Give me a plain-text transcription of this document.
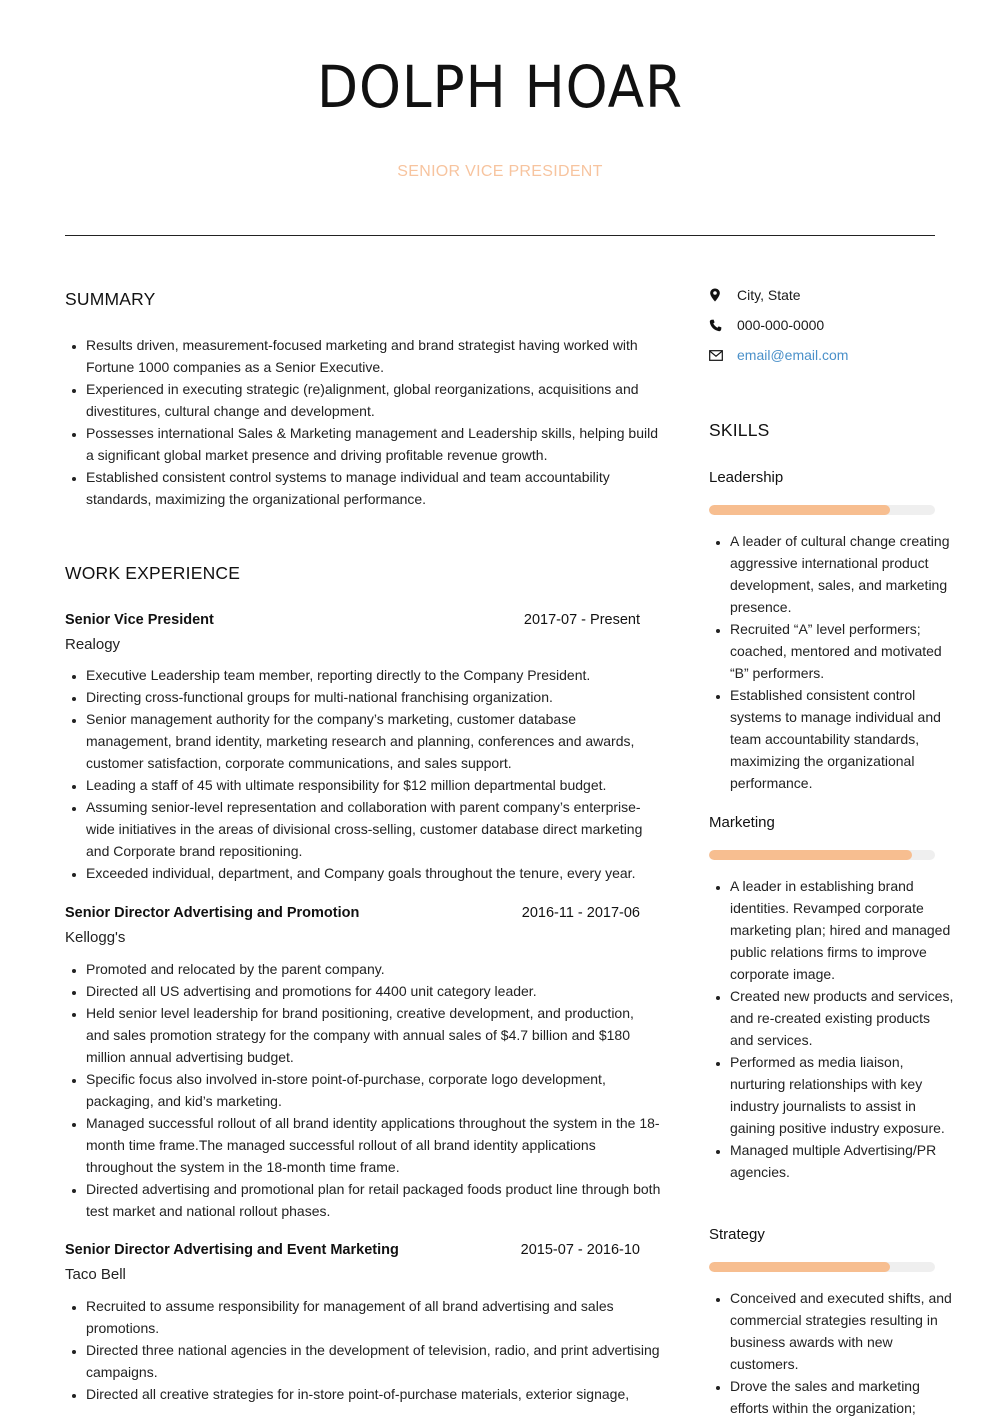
DOLPH HOAR
SENIOR VICE PRESIDENT
SUMMARY
• Results driven, measurement-focused marketing and brand strategist having worked with Fortune 1000 companies as a Senior Executive.
• Experienced in executing strategic (re)alignment, global reorganizations, acquisitions and divestitures, cultural change and development.
• Possesses international Sales & Marketing management and Leadership skills, helping build a significant global market presence and driving profitable revenue growth.
• Established consistent control systems to manage individual and team accountability standards, maximizing the organizational performance.
WORK EXPERIENCE
Senior Vice President	2017-07 - Present
Realogy
• Executive Leadership team member, reporting directly to the Company President.
• Directing cross-functional groups for multi-national franchising organization.
• Senior management authority for the company’s marketing, customer database management, brand identity, marketing research and planning, conferences and awards, customer satisfaction, corporate communications, and sales support.
• Leading a staff of 45 with ultimate responsibility for $12 million departmental budget.
• Assuming senior-level representation and collaboration with parent company’s enterprise-wide initiatives in the areas of divisional cross-selling, customer database direct marketing and Corporate brand repositioning.
• Exceeded individual, department, and Company goals throughout the tenure, every year.
Senior Director Advertising and Promotion	2016-11 - 2017-06
Kellogg's
• Promoted and relocated by the parent company.
• Directed all US advertising and promotions for 4400 unit category leader.
• Held senior level leadership for brand positioning, creative development, and production, and sales promotion strategy for the company with annual sales of $4.7 billion and $180 million annual advertising budget.
• Specific focus also involved in-store point-of-purchase, corporate logo development, packaging, and kid’s marketing.
• Managed successful rollout of all brand identity applications throughout the system in the 18-month time frame.The managed successful rollout of all brand identity applications throughout the system in the 18-month time frame.
• Directed advertising and promotional plan for retail packaged foods product line through both test market and national rollout phases.
Senior Director Advertising and Event Marketing	2015-07 - 2016-10
Taco Bell
• Recruited to assume responsibility for management of all brand advertising and sales promotions.
• Directed three national agencies in the development of television, radio, and print advertising campaigns.
• Directed all creative strategies for in-store point-of-purchase materials, exterior signage,
City, State
000-000-0000
email@email.com
SKILLS
Leadership
• A leader of cultural change creating aggressive international product development, sales, and marketing presence.
• Recruited “A” level performers; coached, mentored and motivated “B” performers.
• Established consistent control systems to manage individual and team accountability standards, maximizing the organizational performance.
Marketing
• A leader in establishing brand identities. Revamped corporate marketing plan; hired and managed public relations firms to improve corporate image.
• Created new products and services, and re-created existing products and services.
• Performed as media liaison, nurturing relationships with key industry journalists to assist in gaining positive industry exposure.
• Managed multiple Advertising/PR agencies.
Strategy
• Conceived and executed shifts, and commercial strategies resulting in business awards with new customers.
• Drove the sales and marketing efforts within the organization;
